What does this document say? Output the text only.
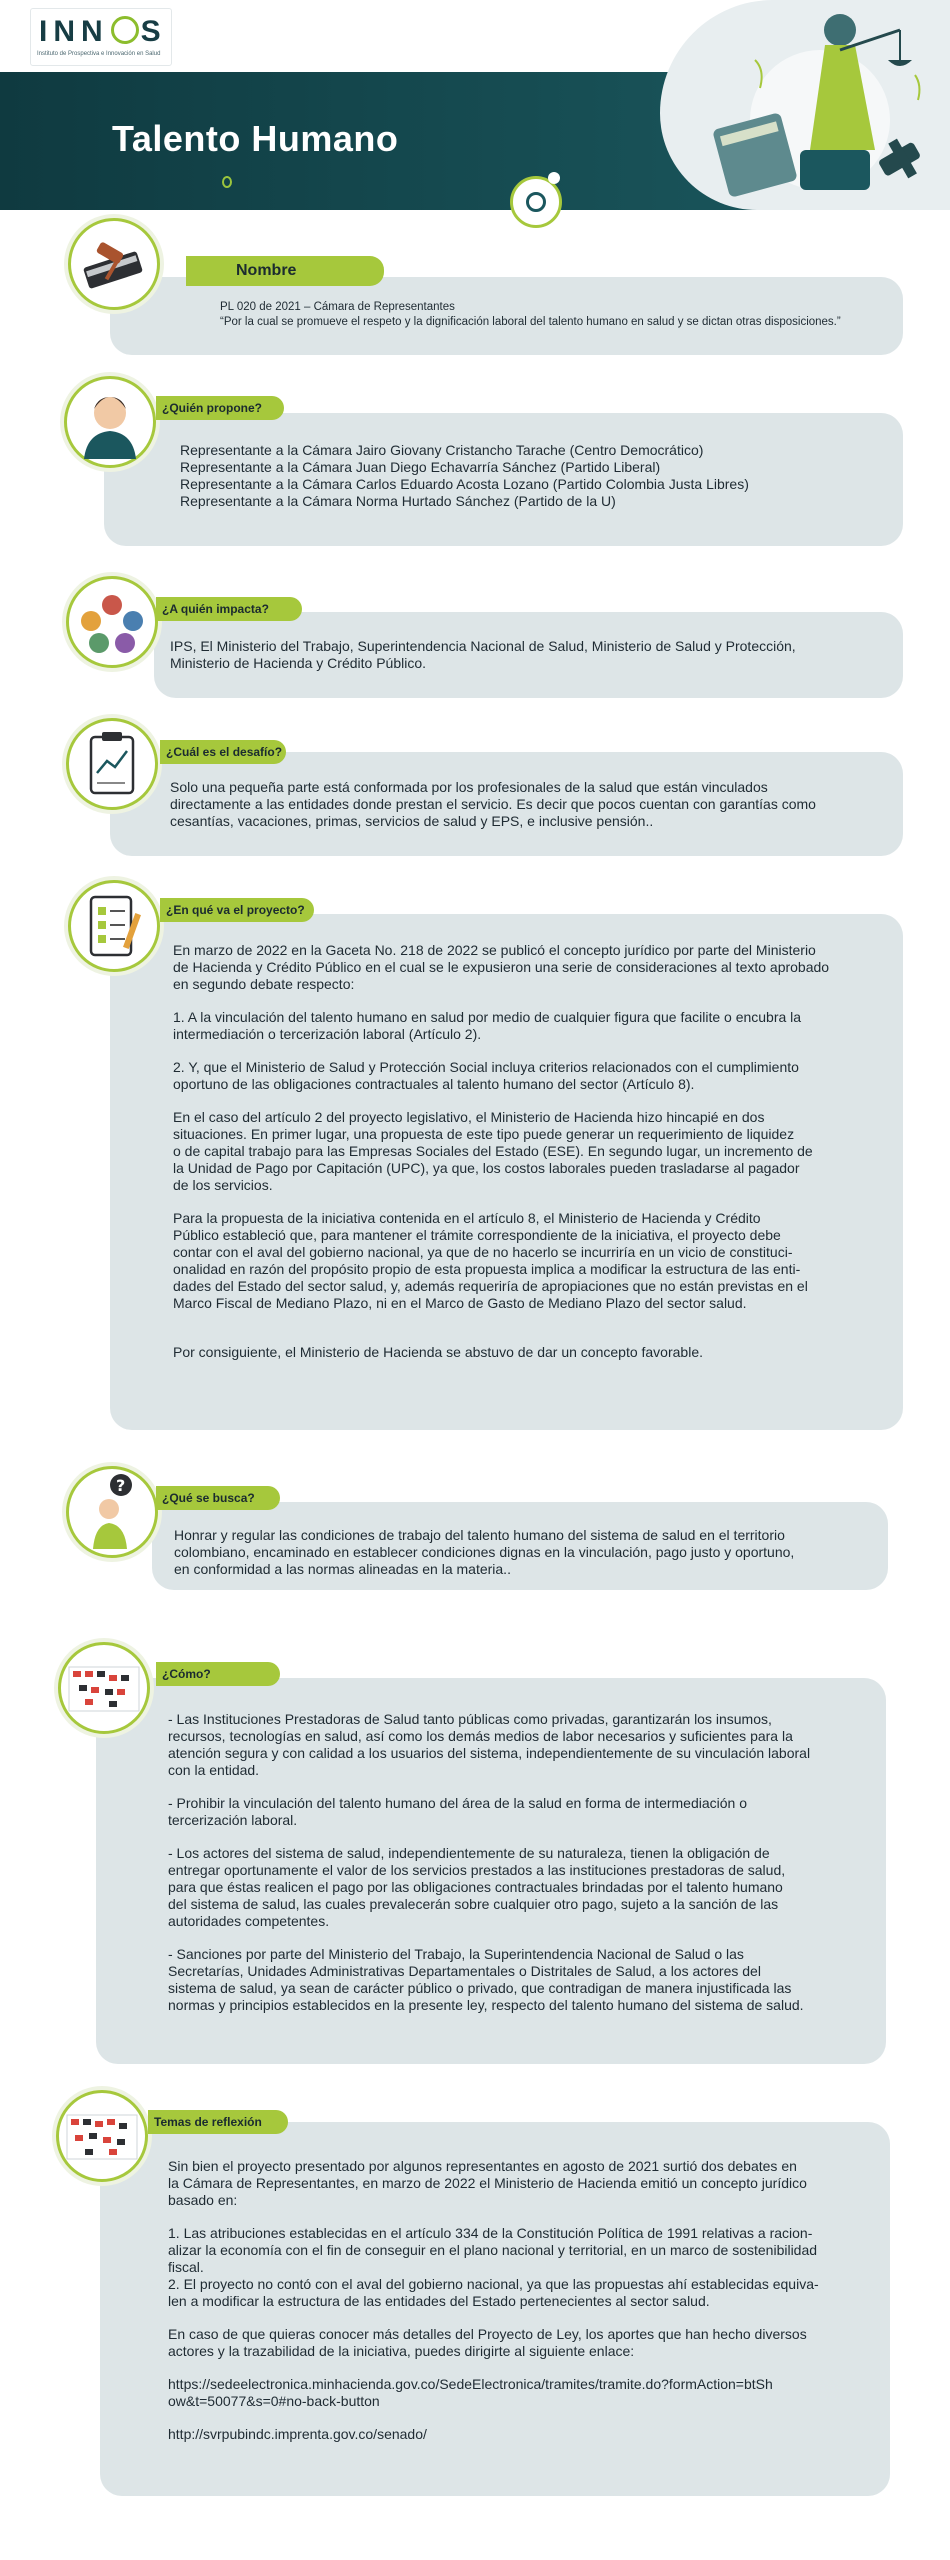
INN S
Instituto de Prospectiva e Innovación en Salud
Talento Humano
Nombre

PL 020 de 2021 – Cámara de Representantes

“Por la cual se promueve el respeto y la dignificación laboral del talento humano en salud y se dictan otras disposiciones.”

¿Quién propone?

Representante a la Cámara Jairo Giovany Cristancho Tarache (Centro Democrático)

Representante a la Cámara Juan Diego Echavarría Sánchez (Partido Liberal)

Representante a la Cámara Carlos Eduardo Acosta Lozano (Partido Colombia Justa Libres)

Representante a la Cámara Norma Hurtado Sánchez (Partido de la U)

¿A quién impacta?

IPS, El Ministerio del Trabajo, Superintendencia Nacional de Salud, Ministerio de Salud y Protección,
Ministerio de Hacienda y Crédito Público.

¿Cuál es el desafío?

Solo una pequeña parte está conformada por los profesionales de la salud que están vinculados
directamente a las entidades donde prestan el servicio. Es decir que pocos cuentan con garantías como
cesantías, vacaciones, primas, servicios de salud y EPS, e inclusive pensión..

¿En qué va el proyecto?

En marzo de 2022 en la Gaceta No. 218 de 2022 se publicó el concepto jurídico por parte del Ministerio
de Hacienda y Crédito Público en el cual se le expusieron una serie de consideraciones al texto aprobado
en segundo debate respecto:

1. A la vinculación del talento humano en salud por medio de cualquier figura que facilite o encubra la
intermediación o tercerización laboral (Artículo 2).

2. Y, que el Ministerio de Salud y Protección Social incluya criterios relacionados con el cumplimiento
oportuno de las obligaciones contractuales al talento humano del sector (Artículo 8).

En el caso del artículo 2 del proyecto legislativo, el Ministerio de Hacienda hizo hincapié en dos
situaciones. En primer lugar, una propuesta de este tipo puede generar un requerimiento de liquidez
o de capital trabajo para las Empresas Sociales del Estado (ESE). En segundo lugar, un incremento de
la Unidad de Pago por Capitación (UPC), ya que, los costos laborales pueden trasladarse al pagador
de los servicios.

Para la propuesta de la iniciativa contenida en el artículo 8, el Ministerio de Hacienda y Crédito
Público estableció que, para mantener el trámite correspondiente de la iniciativa, el proyecto debe
contar con el aval del gobierno nacional, ya que de no hacerlo se incurriría en un vicio de constituci-
onalidad en razón del propósito propio de esta propuesta implica a modificar la estructura de las enti-
dades del Estado del sector salud, y, además requeriría de apropiaciones que no están previstas en el
Marco Fiscal de Mediano Plazo, ni en el Marco de Gasto de Mediano Plazo del sector salud.

Por consiguiente, el Ministerio de Hacienda se abstuvo de dar un concepto favorable.

?
¿Qué se busca?

Honrar y regular las condiciones de trabajo del talento humano del sistema de salud en el territorio
colombiano, encaminado en establecer condiciones dignas en la vinculación, pago justo y oportuno,
en conformidad a las normas alineadas en la materia..

¿Cómo?

- Las Instituciones Prestadoras de Salud tanto públicas como privadas, garantizarán los insumos,
recursos, tecnologías en salud, así como los demás medios de labor necesarios y suficientes para la
atención segura y con calidad a los usuarios del sistema, independientemente de su vinculación laboral
con la entidad.

- Prohibir la vinculación del talento humano del área de la salud en forma de intermediación o
tercerización laboral.

- Los actores del sistema de salud, independientemente de su naturaleza, tienen la obligación de
entregar oportunamente el valor de los servicios prestados a las instituciones prestadoras de salud,
para que éstas realicen el pago por las obligaciones contractuales brindadas por el talento humano
del sistema de salud, las cuales prevalecerán sobre cualquier otro pago, sujeto a la sanción de las
autoridades competentes.

- Sanciones por parte del Ministerio del Trabajo, la Superintendencia Nacional de Salud o las
Secretarías, Unidades Administrativas Departamentales o Distritales de Salud, a los actores del
sistema de salud, ya sean de carácter público o privado, que contradigan de manera injustificada las
normas y principios establecidos en la presente ley, respecto del talento humano del sistema de salud.

Temas de reflexión

Sin bien el proyecto presentado por algunos representantes en agosto de 2021 surtió dos debates en
la Cámara de Representantes, en marzo de 2022 el Ministerio de Hacienda emitió un concepto jurídico
basado en:

1. Las atribuciones establecidas en el artículo 334 de la Constitución Política de 1991 relativas a racion-
alizar la economía con el fin de conseguir en el plano nacional y territorial, en un marco de sostenibilidad
fiscal.
2. El proyecto no contó con el aval del gobierno nacional, ya que las propuestas ahí establecidas equiva-
len a modificar la estructura de las entidades del Estado pertenecientes al sector salud.

En caso de que quieras conocer más detalles del Proyecto de Ley, los aportes que han hecho diversos
actores y la trazabilidad de la iniciativa, puedes dirigirte al siguiente enlace:

https://sedeelectronica.minhacienda.gov.co/SedeElectronica/tramites/tramite.do?formAction=btSh
ow&t=50077&s=0#no-back-button

http://svrpubindc.imprenta.gov.co/senado/
